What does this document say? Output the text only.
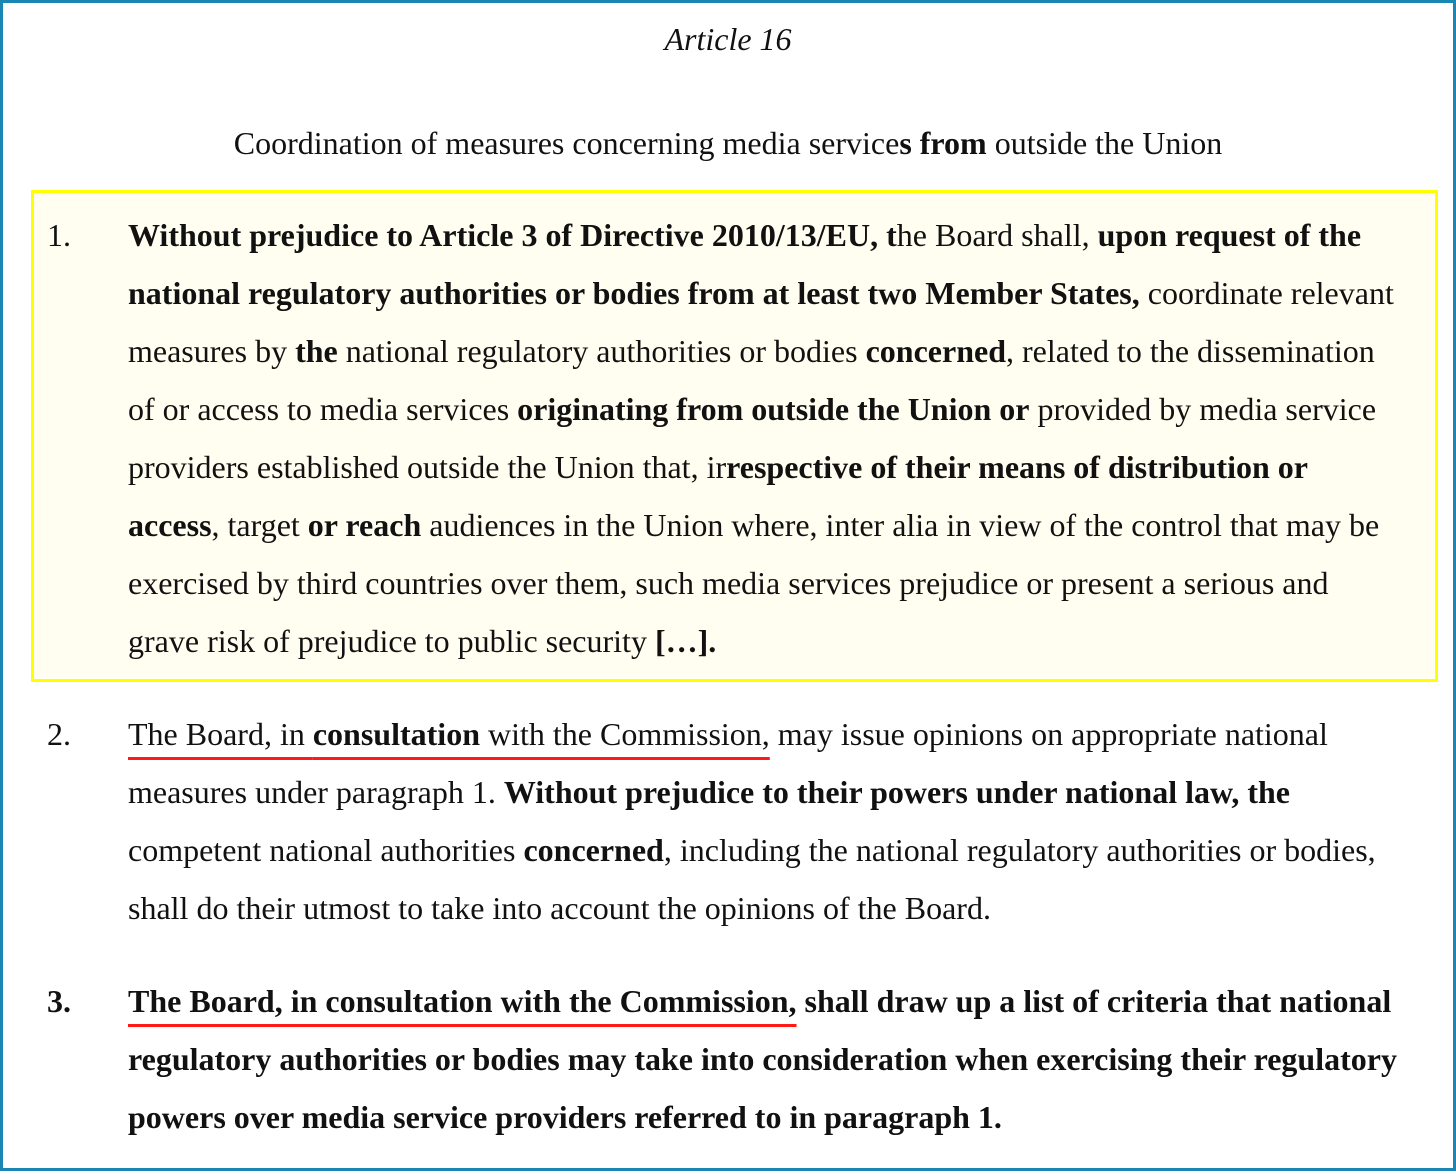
Article 16
Coordination of measures concerning media services from outside the Union
1. Without prejudice to Article 3 of Directive 2010/13/EU, the Board shall, upon request of the national regulatory authorities or bodies from at least two Member States, coordinate relevant measures by the national regulatory authorities or bodies concerned, related to the dissemination of or access to media services originating from outside the Union or provided by media service providers established outside the Union that, irrespective of their means of distribution or access, target or reach audiences in the Union where, inter alia in view of the control that may be exercised by third countries over them, such media services prejudice or present a serious and grave risk of prejudice to public security […].
2. The Board, in consultation with the Commission, may issue opinions on appropriate national measures under paragraph 1. Without prejudice to their powers under national law, the competent national authorities concerned, including the national regulatory authorities or bodies, shall do their utmost to take into account the opinions of the Board.
3. The Board, in consultation with the Commission, shall draw up a list of criteria that national regulatory authorities or bodies may take into consideration when exercising their regulatory powers over media service providers referred to in paragraph 1.
